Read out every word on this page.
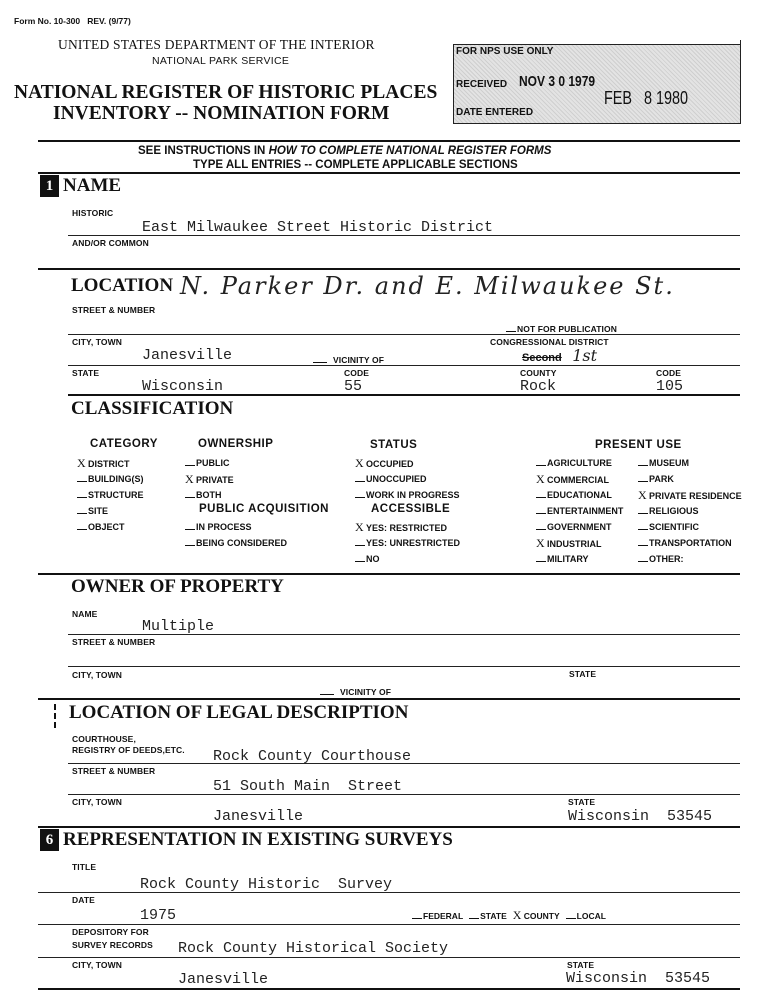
Form No. 10-300   REV. (9/77)
UNITED STATES DEPARTMENT OF THE INTERIOR
NATIONAL PARK SERVICE
NATIONAL REGISTER OF HISTORIC PLACES
INVENTORY -- NOMINATION FORM
FOR NPS USE ONLY
RECEIVED NOV 3 0 1979
FEB   8 1980
DATE ENTERED
SEE INSTRUCTIONS IN HOW TO COMPLETE NATIONAL REGISTER FORMS
TYPE ALL ENTRIES -- COMPLETE APPLICABLE SECTIONS
1 NAME
HISTORIC
East Milwaukee Street Historic District
AND/OR COMMON
LOCATION N. Parker Dr. and E. Milwaukee St.
STREET & NUMBER
NOT FOR PUBLICATION
CITY, TOWN	CONGRESSIONAL DISTRICT
Janesville	VICINITY OF	Second 1st
STATE	CODE	COUNTY	CODE
Wisconsin	55	Rock	105
CLASSIFICATION
CATEGORY
X DISTRICT
BUILDING(S)
STRUCTURE
SITE
OBJECT
OWNERSHIP
PUBLIC
X PRIVATE
BOTH
PUBLIC ACQUISITION
IN PROCESS
BEING CONSIDERED
STATUS
X OCCUPIED
UNOCCUPIED
WORK IN PROGRESS
ACCESSIBLE
X YES: RESTRICTED
YES: UNRESTRICTED
NO
PRESENT USE
AGRICULTURE
X COMMERCIAL
EDUCATIONAL
ENTERTAINMENT
GOVERNMENT
X INDUSTRIAL
MILITARY
MUSEUM
PARK
X PRIVATE RESIDENCE
RELIGIOUS
SCIENTIFIC
TRANSPORTATION
OTHER:
OWNER OF PROPERTY
NAME
Multiple
STREET & NUMBER
CITY, TOWN	STATE
VICINITY OF
LOCATION OF LEGAL DESCRIPTION
COURTHOUSE,
REGISTRY OF DEEDS,ETC. Rock County Courthouse
STREET & NUMBER
51 South Main  Street
CITY, TOWN	STATE
Janesville	Wisconsin  53545
6 REPRESENTATION IN EXISTING SURVEYS
TITLE
Rock County Historic  Survey
DATE
1975	FEDERAL STATE X COUNTY LOCAL
DEPOSITORY FOR
SURVEY RECORDS Rock County Historical Society
CITY, TOWN	STATE
Janesville	Wisconsin  53545
